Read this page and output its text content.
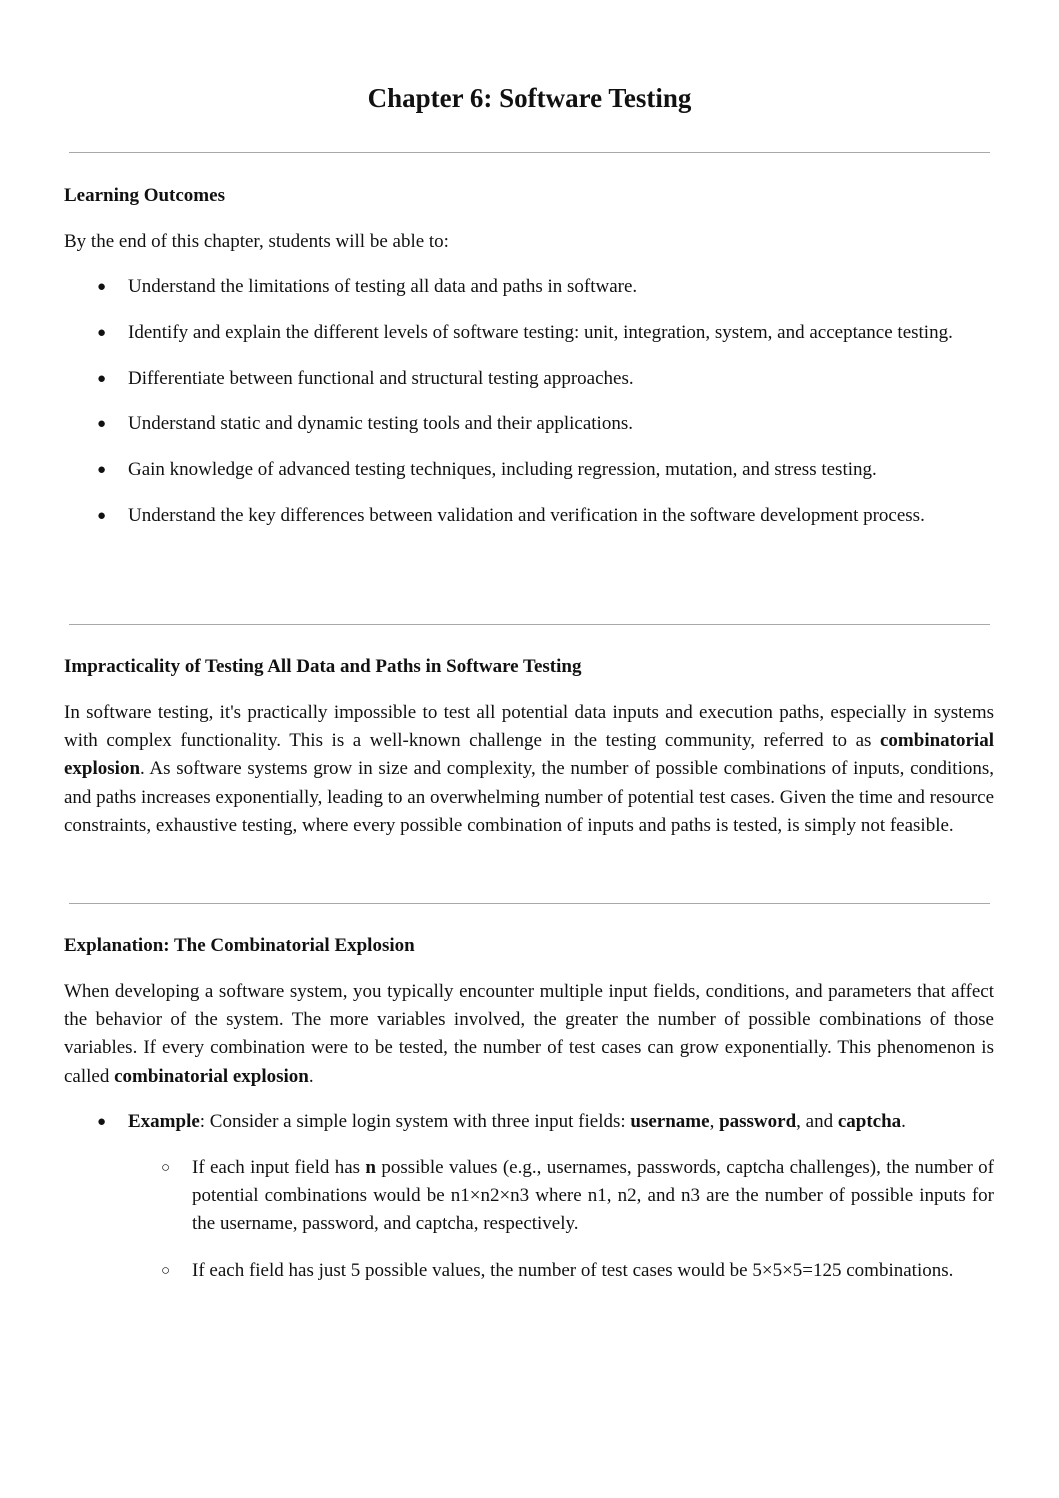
Chapter 6: Software Testing
Learning Outcomes

By the end of this chapter, students will be able to:

● Understand the limitations of testing all data and paths in software.
● Identify and explain the different levels of software testing: unit, integration, system, and acceptance testing.
● Differentiate between functional and structural testing approaches.
● Understand static and dynamic testing tools and their applications.
● Gain knowledge of advanced testing techniques, including regression, mutation, and stress testing.
● Understand the key differences between validation and verification in the software development process.
Impracticality of Testing All Data and Paths in Software Testing

In software testing, it's practically impossible to test all potential data inputs and execution paths, especially in systems with complex functionality. This is a well-known challenge in the testing community, referred to as combinatorial explosion. As software systems grow in size and complexity, the number of possible combinations of inputs, conditions, and paths increases exponentially, leading to an overwhelming number of potential test cases. Given the time and resource constraints, exhaustive testing, where every possible combination of inputs and paths is tested, is simply not feasible.

Explanation: The Combinatorial Explosion

When developing a software system, you typically encounter multiple input fields, conditions, and parameters that affect the behavior of the system. The more variables involved, the greater the number of possible combinations of those variables. If every combination were to be tested, the number of test cases can grow exponentially. This phenomenon is called combinatorial explosion.

● Example: Consider a simple login system with three input fields: username, password, and captcha.
○ If each input field has n possible values (e.g., usernames, passwords, captcha challenges), the number of potential combinations would be n1×n2×n3 where n1, n2, and n3 are the number of possible inputs for the username, password, and captcha, respectively.
○ If each field has just 5 possible values, the number of test cases would be 5×5×5=125 combinations.
